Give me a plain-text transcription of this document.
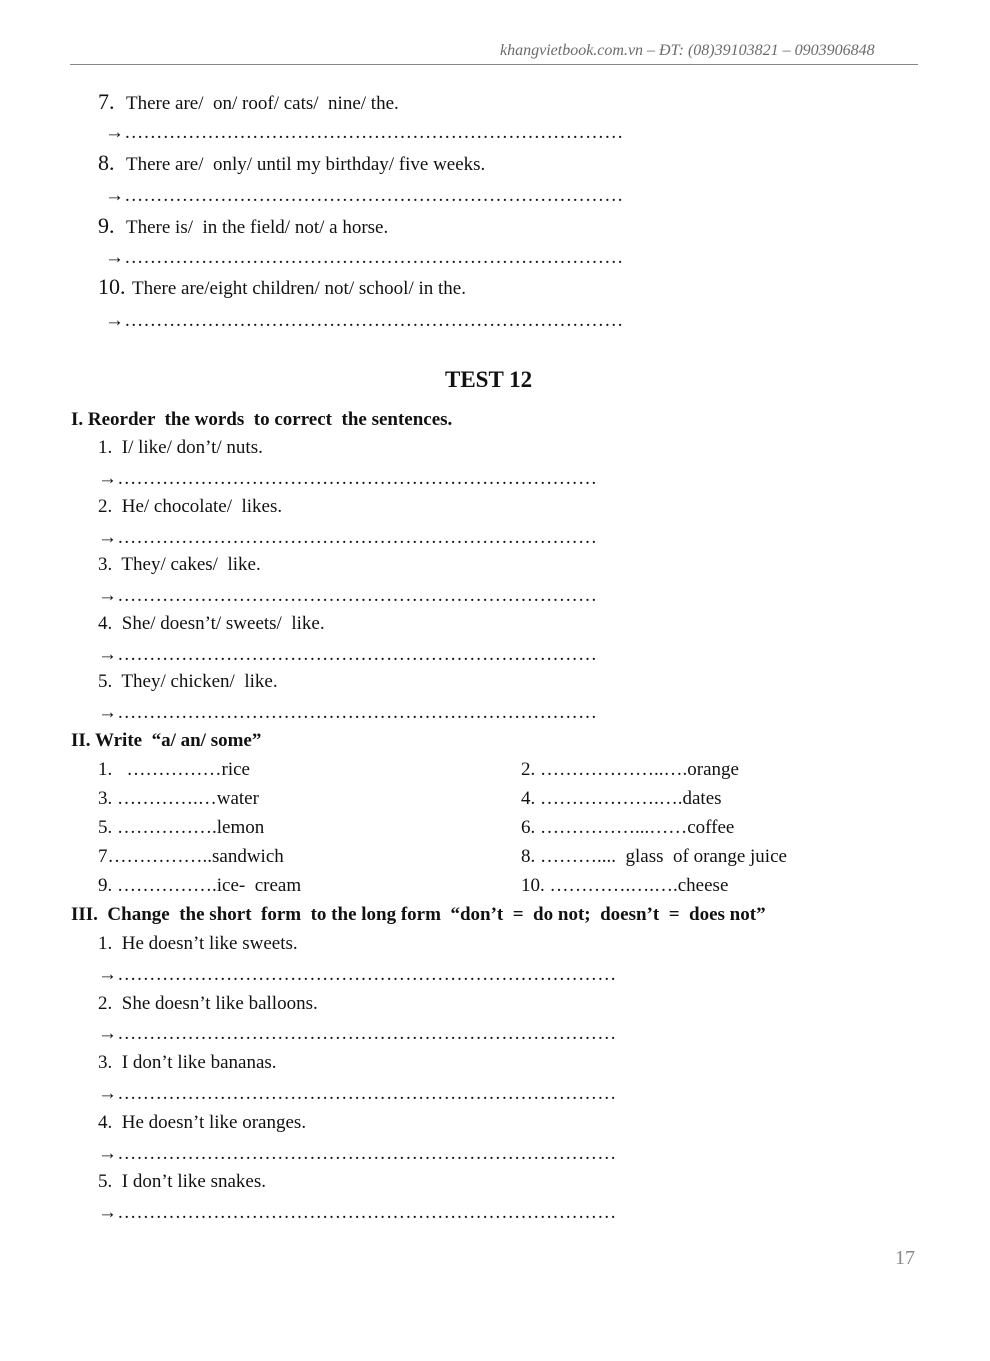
khangvietbook.com.vn – ĐT: (08)39103821 – 0903906848
7. There are/  on/ roof/ cats/  nine/ the.
→……………………………………………………………………
8. There are/  only/ until my birthday/ five weeks.
→……………………………………………………………………
9. There is/  in the field/ not/ a horse.
→……………………………………………………………………
10. There are/eight children/ not/ school/ in the.
→……………………………………………………………………
TEST 12
I. Reorder  the words  to correct  the sentences.
1.  I/ like/ don’t/ nuts.
→…………………………………………………………………
2.  He/ chocolate/  likes.
→…………………………………………………………………
3.  They/ cakes/  like.
→…………………………………………………………………
4.  She/ doesn’t/ sweets/  like.
→…………………………………………………………………
5.  They/ chicken/  like.
→…………………………………………………………………
II. Write  “a/ an/ some”
1.   ……………rice	2. ………………..….orange
3. ………….…water	4. ……………….….dates
5. …………….lemon	6. ……………...……coffee
7……………..sandwich	8. ………....  glass  of orange juice
9. …………….ice-  cream	10. ………….….….cheese
III.  Change  the short  form  to the long form  “don’t  =  do not;  doesn’t  =  does not”
1.  He doesn’t like sweets.
→……………………………………………………………………
2.  She doesn’t like balloons.
→……………………………………………………………………
3.  I don’t like bananas.
→……………………………………………………………………
4.  He doesn’t like oranges.
→……………………………………………………………………
5.  I don’t like snakes.
→……………………………………………………………………
17
